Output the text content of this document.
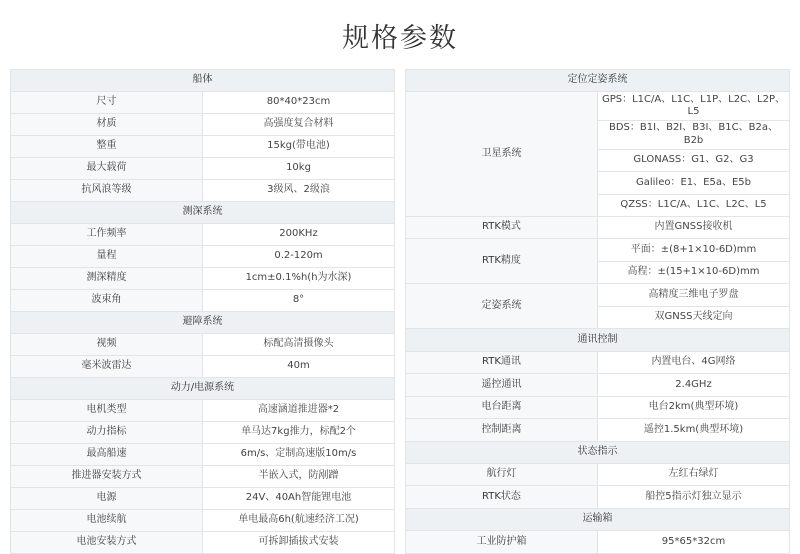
规格参数
船体	
尺寸	80*40*23cm
材质	高强度复合材料
整重	15kg(带电池)
最大载荷	10kg
抗风浪等级	3级风、2级浪
测深系统	
工作频率	200KHz
量程	0.2-120m
测深精度	1cm±0.1%h(h为水深)
波束角	8°
避障系统	
视频	标配高清摄像头
毫米波雷达	40m
动力/电源系统	
电机类型	高速涵道推进器*2
动力指标	单马达7kg推力，标配2个
最高船速	6m/s、定制高速版10m/s
推进器安装方式	半嵌入式，防剐蹭
电源	24V、40Ah智能锂电池
电池续航	单电最高6h(航速经济工况)
电池安装方式	可拆卸插拔式安装
定位定姿系统	
卫星系统	GPS：L1C/A、L1C、L1P、L2C、L2P、L5
	BDS：B1I、B2I、B3I、B1C、B2a、B2b
	GLONASS：G1、G2、G3
	Galileo：E1、E5a、E5b
	QZSS：L1C/A、L1C、L2C、L5
RTK模式	内置GNSS接收机
RTK精度	平面：±(8+1×10-6D)mm
	高程：±(15+1×10-6D)mm
定姿系统	高精度三维电子罗盘
	双GNSS天线定向
通讯控制	
RTK通讯	内置电台、4G网络
遥控通讯	2.4GHz
电台距离	电台2km(典型环境)
控制距离	遥控1.5km(典型环境)
状态指示	
航行灯	左红右绿灯
RTK状态	船控5指示灯独立显示
运输箱	
工业防护箱	95*65*32cm
